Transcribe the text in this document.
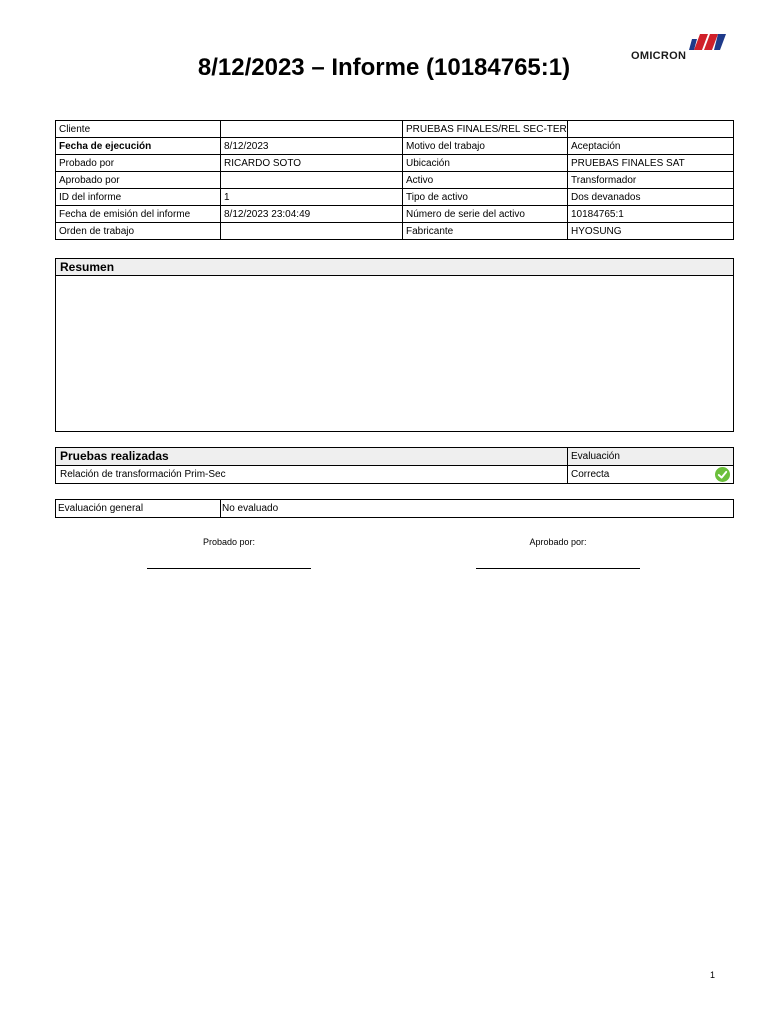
8/12/2023 – Informe (10184765:1)	OMICRON
Cliente		PRUEBAS FINALES/REL SEC-TER	
Fecha de ejecución	8/12/2023	Motivo del trabajo	Aceptación
Probado por	RICARDO SOTO	Ubicación	PRUEBAS FINALES SAT
Aprobado por		Activo	Transformador
ID del informe	1	Tipo de activo	Dos devanados
Fecha de emisión del informe	8/12/2023 23:04:49	Número de serie del activo	10184765:1
Orden de trabajo		Fabricante	HYOSUNG
Resumen
Pruebas realizadas	Evaluación
Relación de transformación Prim-Sec	Correcta
Evaluación general	No evaluado
Probado por:	Aprobado por:
1
